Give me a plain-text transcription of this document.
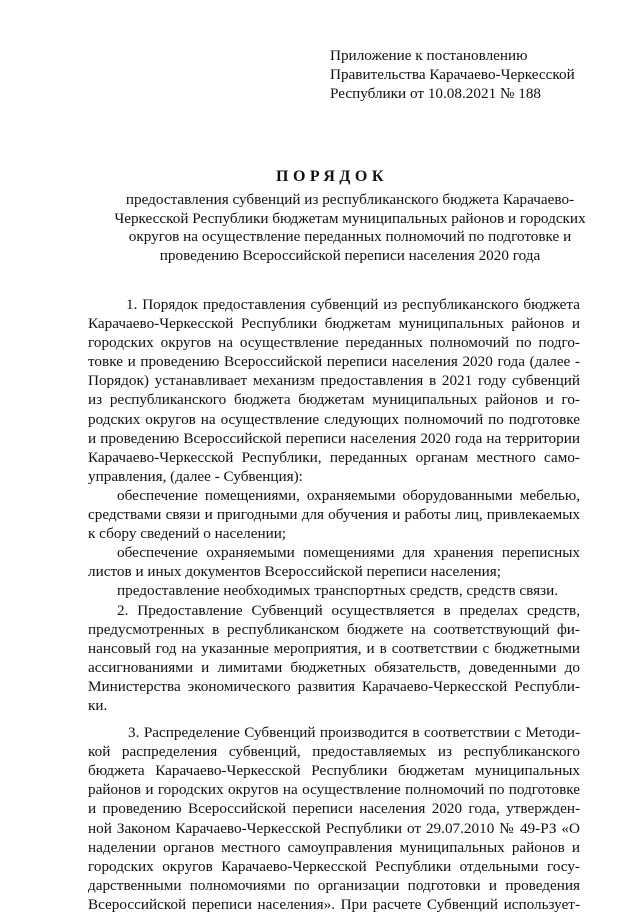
Приложение к постановлению
Правительства Карачаево-Черкесской
Республики от 10.08.2021 № 188
ПОРЯДОК
предоставления субвенций из республиканского бюджета Карачаево-
Черкесской Республики бюджетам муниципальных районов и городских
округов на осуществление переданных полномочий по подготовке и
проведению Всероссийской переписи населения 2020 года
1. Порядок предоставления субвенций из республиканского бюджета
Карачаево-Черкесской Республики бюджетам муниципальных районов и
городских округов на осуществление переданных полномочий по подго-
товке и проведению Всероссийской переписи населения 2020 года (далее -
Порядок) устанавливает механизм предоставления в 2021 году субвенций
из республиканского бюджета бюджетам муниципальных районов и го-
родских округов на осуществление следующих полномочий по подготовке
и проведению Всероссийской переписи населения 2020 года на территории
Карачаево-Черкесской Республики, переданных органам местного само-
управления, (далее - Субвенция):
обеспечение помещениями, охраняемыми оборудованными мебелью,
средствами связи и пригодными для обучения и работы лиц, привлекаемых
к сбору сведений о населении;
обеспечение охраняемыми помещениями для хранения переписных
листов и иных документов Всероссийской переписи населения;
предоставление необходимых транспортных средств, средств связи.
2. Предоставление Субвенций осуществляется в пределах средств,
предусмотренных в республиканском бюджете на соответствующий фи-
нансовый год на указанные мероприятия, и в соответствии с бюджетными
ассигнованиями и лимитами бюджетных обязательств, доведенными до
Министерства экономического развития Карачаево-Черкесской Республи-
ки.
3. Распределение Субвенций производится в соответствии с Методи-
кой распределения субвенций, предоставляемых из республиканского
бюджета Карачаево-Черкесской Республики бюджетам муниципальных
районов и городских округов на осуществление полномочий по подготовке
и проведению Всероссийской переписи населения 2020 года, утвержден-
ной Законом Карачаево-Черкесской Республики от 29.07.2010 № 49-РЗ «О
наделении органов местного самоуправления муниципальных районов и
городских округов Карачаево-Черкесской Республики отдельными госу-
дарственными полномочиями по организации подготовки и проведения
Всероссийской переписи населения». При расчете Субвенций использует-
